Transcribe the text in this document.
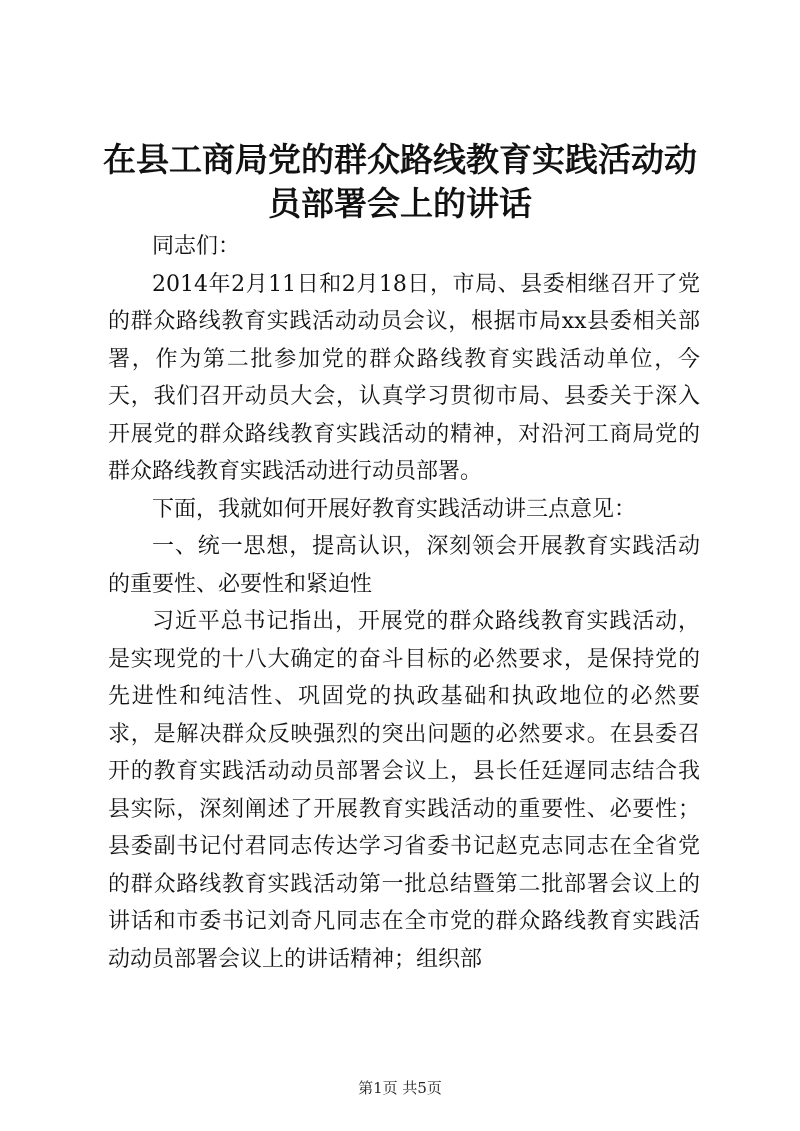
在县工商局党的群众路线教育实践活动动员部署会上的讲话

同志们：

2014年2月11日和2月18日，市局、县委相继召开了党的群众路线教育实践活动动员会议，根据市局xx县委相关部署，作为第二批参加党的群众路线教育实践活动单位，今天，我们召开动员大会，认真学习贯彻市局、县委关于深入开展党的群众路线教育实践活动的精神，对沿河工商局党的群众路线教育实践活动进行动员部署。

下面，我就如何开展好教育实践活动讲三点意见：

一、统一思想，提高认识，深刻领会开展教育实践活动的重要性、必要性和紧迫性

习近平总书记指出，开展党的群众路线教育实践活动，是实现党的十八大确定的奋斗目标的必然要求，是保持党的先进性和纯洁性、巩固党的执政基础和执政地位的必然要求，是解决群众反映强烈的突出问题的必然要求。在县委召开的教育实践活动动员部署会议上，县长任廷遅同志结合我县实际，深刻阐述了开展教育实践活动的重要性、必要性；县委副书记付君同志传达学习省委书记赵克志同志在全省党的群众路线教育实践活动第一批总结暨第二批部署会议上的讲话和市委书记刘奇凡同志在全市党的群众路线教育实践活动动员部署会议上的讲话精神；组织部

第1页 共5页
